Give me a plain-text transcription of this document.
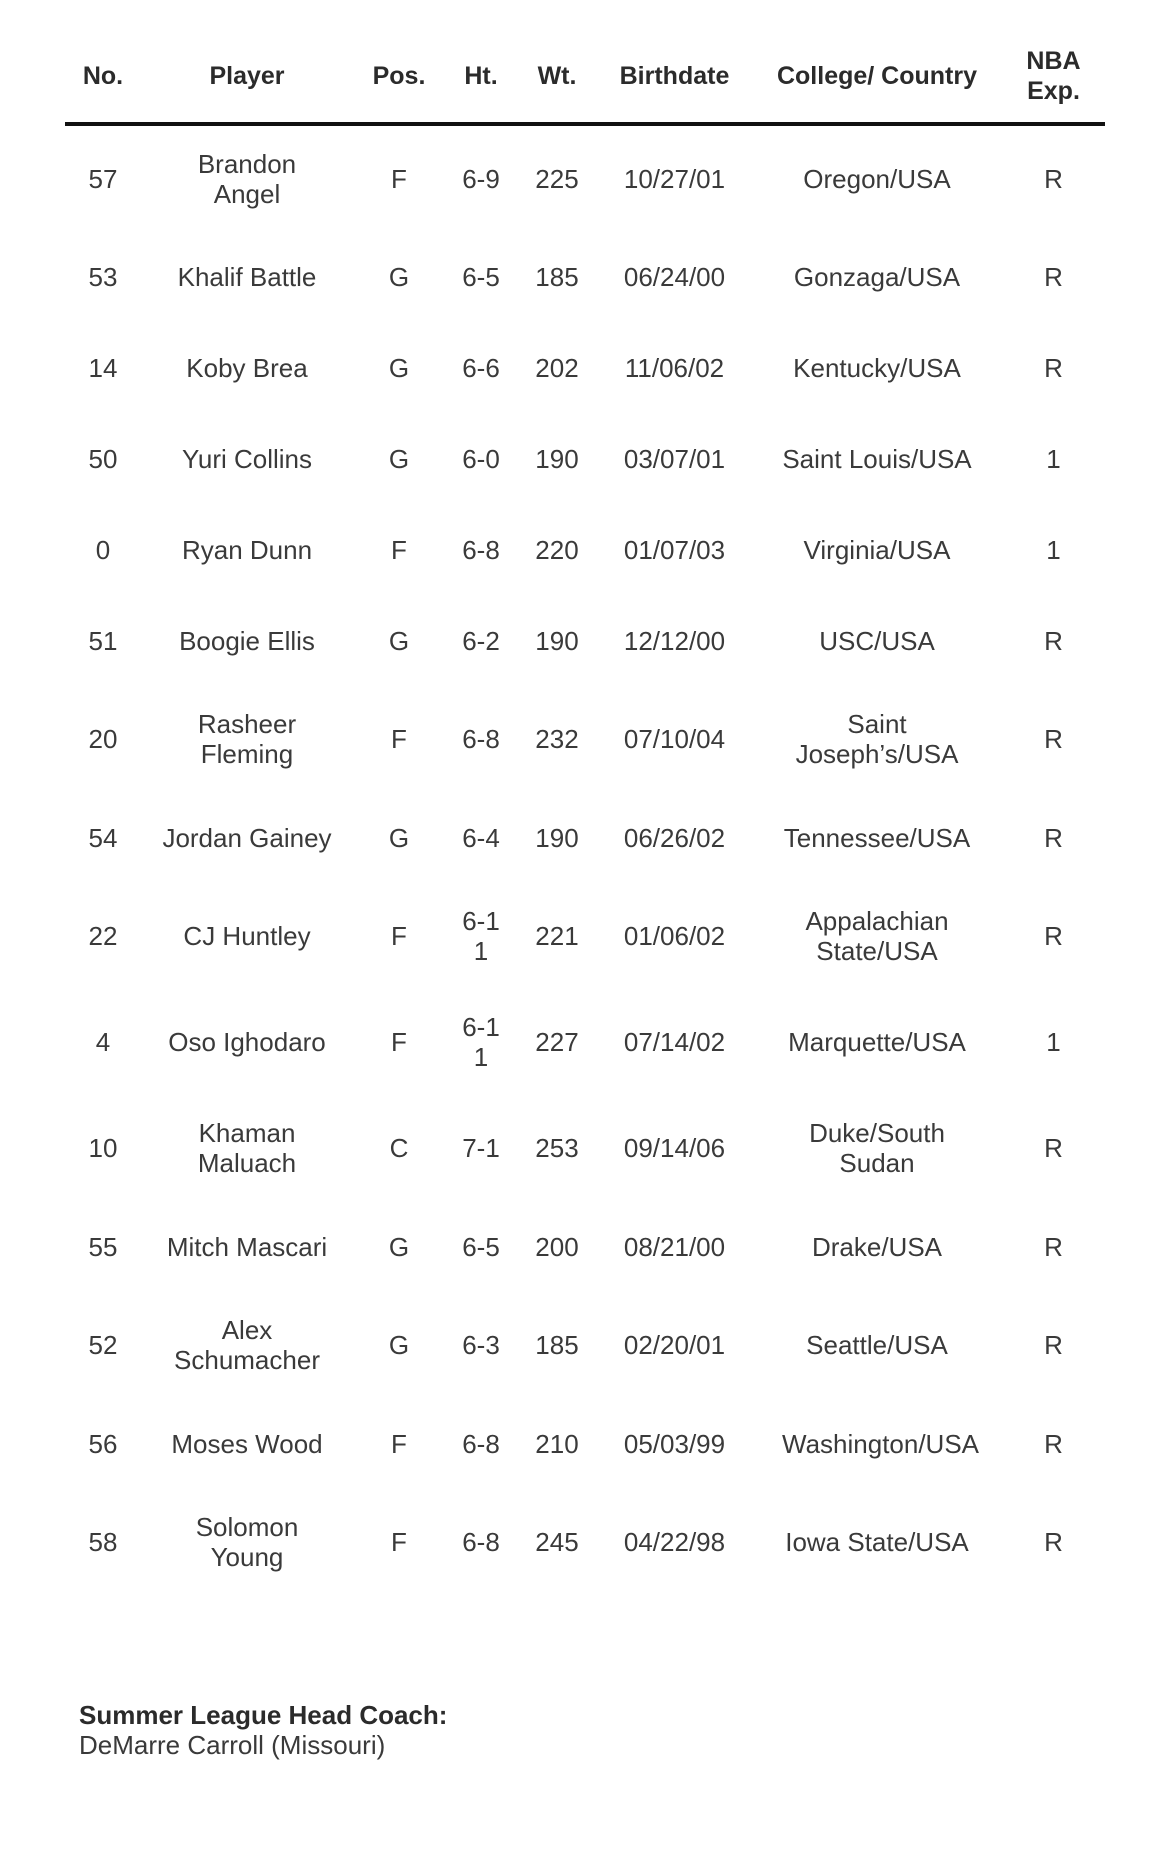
No.	Player	Pos.	Ht.	Wt.	Birthdate	College/ Country	NBA Exp.
57	Brandon Angel	F	6-9	225	10/27/01	Oregon/USA	R
53	Khalif Battle	G	6-5	185	06/24/00	Gonzaga/USA	R
14	Koby Brea	G	6-6	202	11/06/02	Kentucky/USA	R
50	Yuri Collins	G	6-0	190	03/07/01	Saint Louis/USA	1
0	Ryan Dunn	F	6-8	220	01/07/03	Virginia/USA	1
51	Boogie Ellis	G	6-2	190	12/12/00	USC/USA	R
20	Rasheer Fleming	F	6-8	232	07/10/04	Saint Joseph’s/USA	R
54	Jordan Gainey	G	6-4	190	06/26/02	Tennessee/USA	R
22	CJ Huntley	F	6-11	221	01/06/02	Appalachian State/USA	R
4	Oso Ighodaro	F	6-11	227	07/14/02	Marquette/USA	1
10	Khaman Maluach	C	7-1	253	09/14/06	Duke/South Sudan	R
55	Mitch Mascari	G	6-5	200	08/21/00	Drake/USA	R
52	Alex Schumacher	G	6-3	185	02/20/01	Seattle/USA	R
56	Moses Wood	F	6-8	210	05/03/99	Washington/USA	R
58	Solomon Young	F	6-8	245	04/22/98	Iowa State/USA	R
Summer League Head Coach:
DeMarre Carroll (Missouri)
